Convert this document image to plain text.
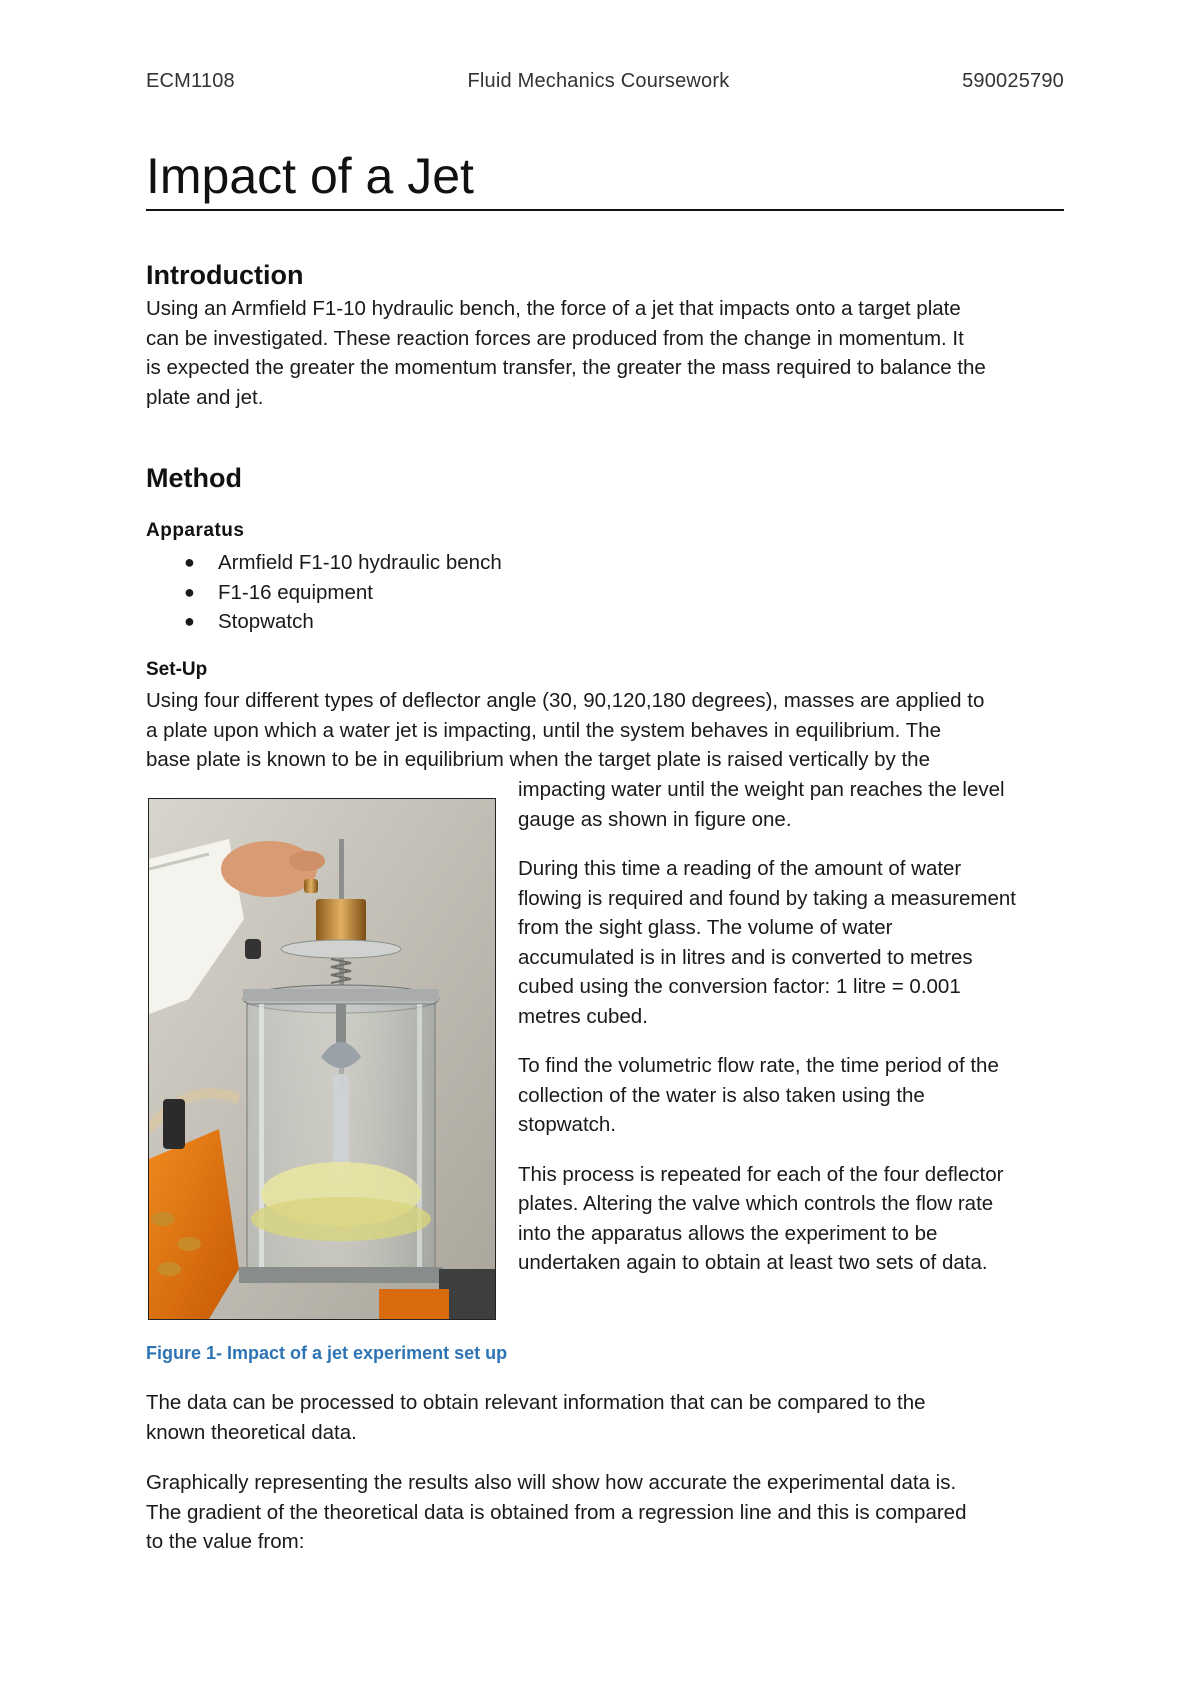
ECM1108	Fluid Mechanics Coursework	590025790
Impact of a Jet
Introduction

Using an Armfield F1-10 hydraulic bench, the force of a jet that impacts onto a target plate
can be investigated. These reaction forces are produced from the change in momentum. It
is expected the greater the momentum transfer, the greater the mass required to balance the
plate and jet.

Method
Apparatus
● Armfield F1-10 hydraulic bench
● F1-16 equipment
● Stopwatch
Set-Up

Using four different types of deflector angle (30, 90,120,180 degrees), masses are applied to
a plate upon which a water jet is impacting, until the system behaves in equilibrium. The
base plate is known to be in equilibrium when the target plate is raised vertically by the

impacting water until the weight pan reaches the level
gauge as shown in figure one.

During this time a reading of the amount of water
flowing is required and found by taking a measurement
from the sight glass. The volume of water
accumulated is in litres and is converted to metres
cubed using the conversion factor: 1 litre = 0.001
metres cubed.

To find the volumetric flow rate, the time period of the
collection of the water is also taken using the
stopwatch.

This process is repeated for each of the four deflector
plates. Altering the valve which controls the flow rate
into the apparatus allows the experiment to be
undertaken again to obtain at least two sets of data.

Figure 1- Impact of a jet experiment set up

The data can be processed to obtain relevant information that can be compared to the
known theoretical data.

Graphically representing the results also will show how accurate the experimental data is.
The gradient of the theoretical data is obtained from a regression line and this is compared
to the value from:
